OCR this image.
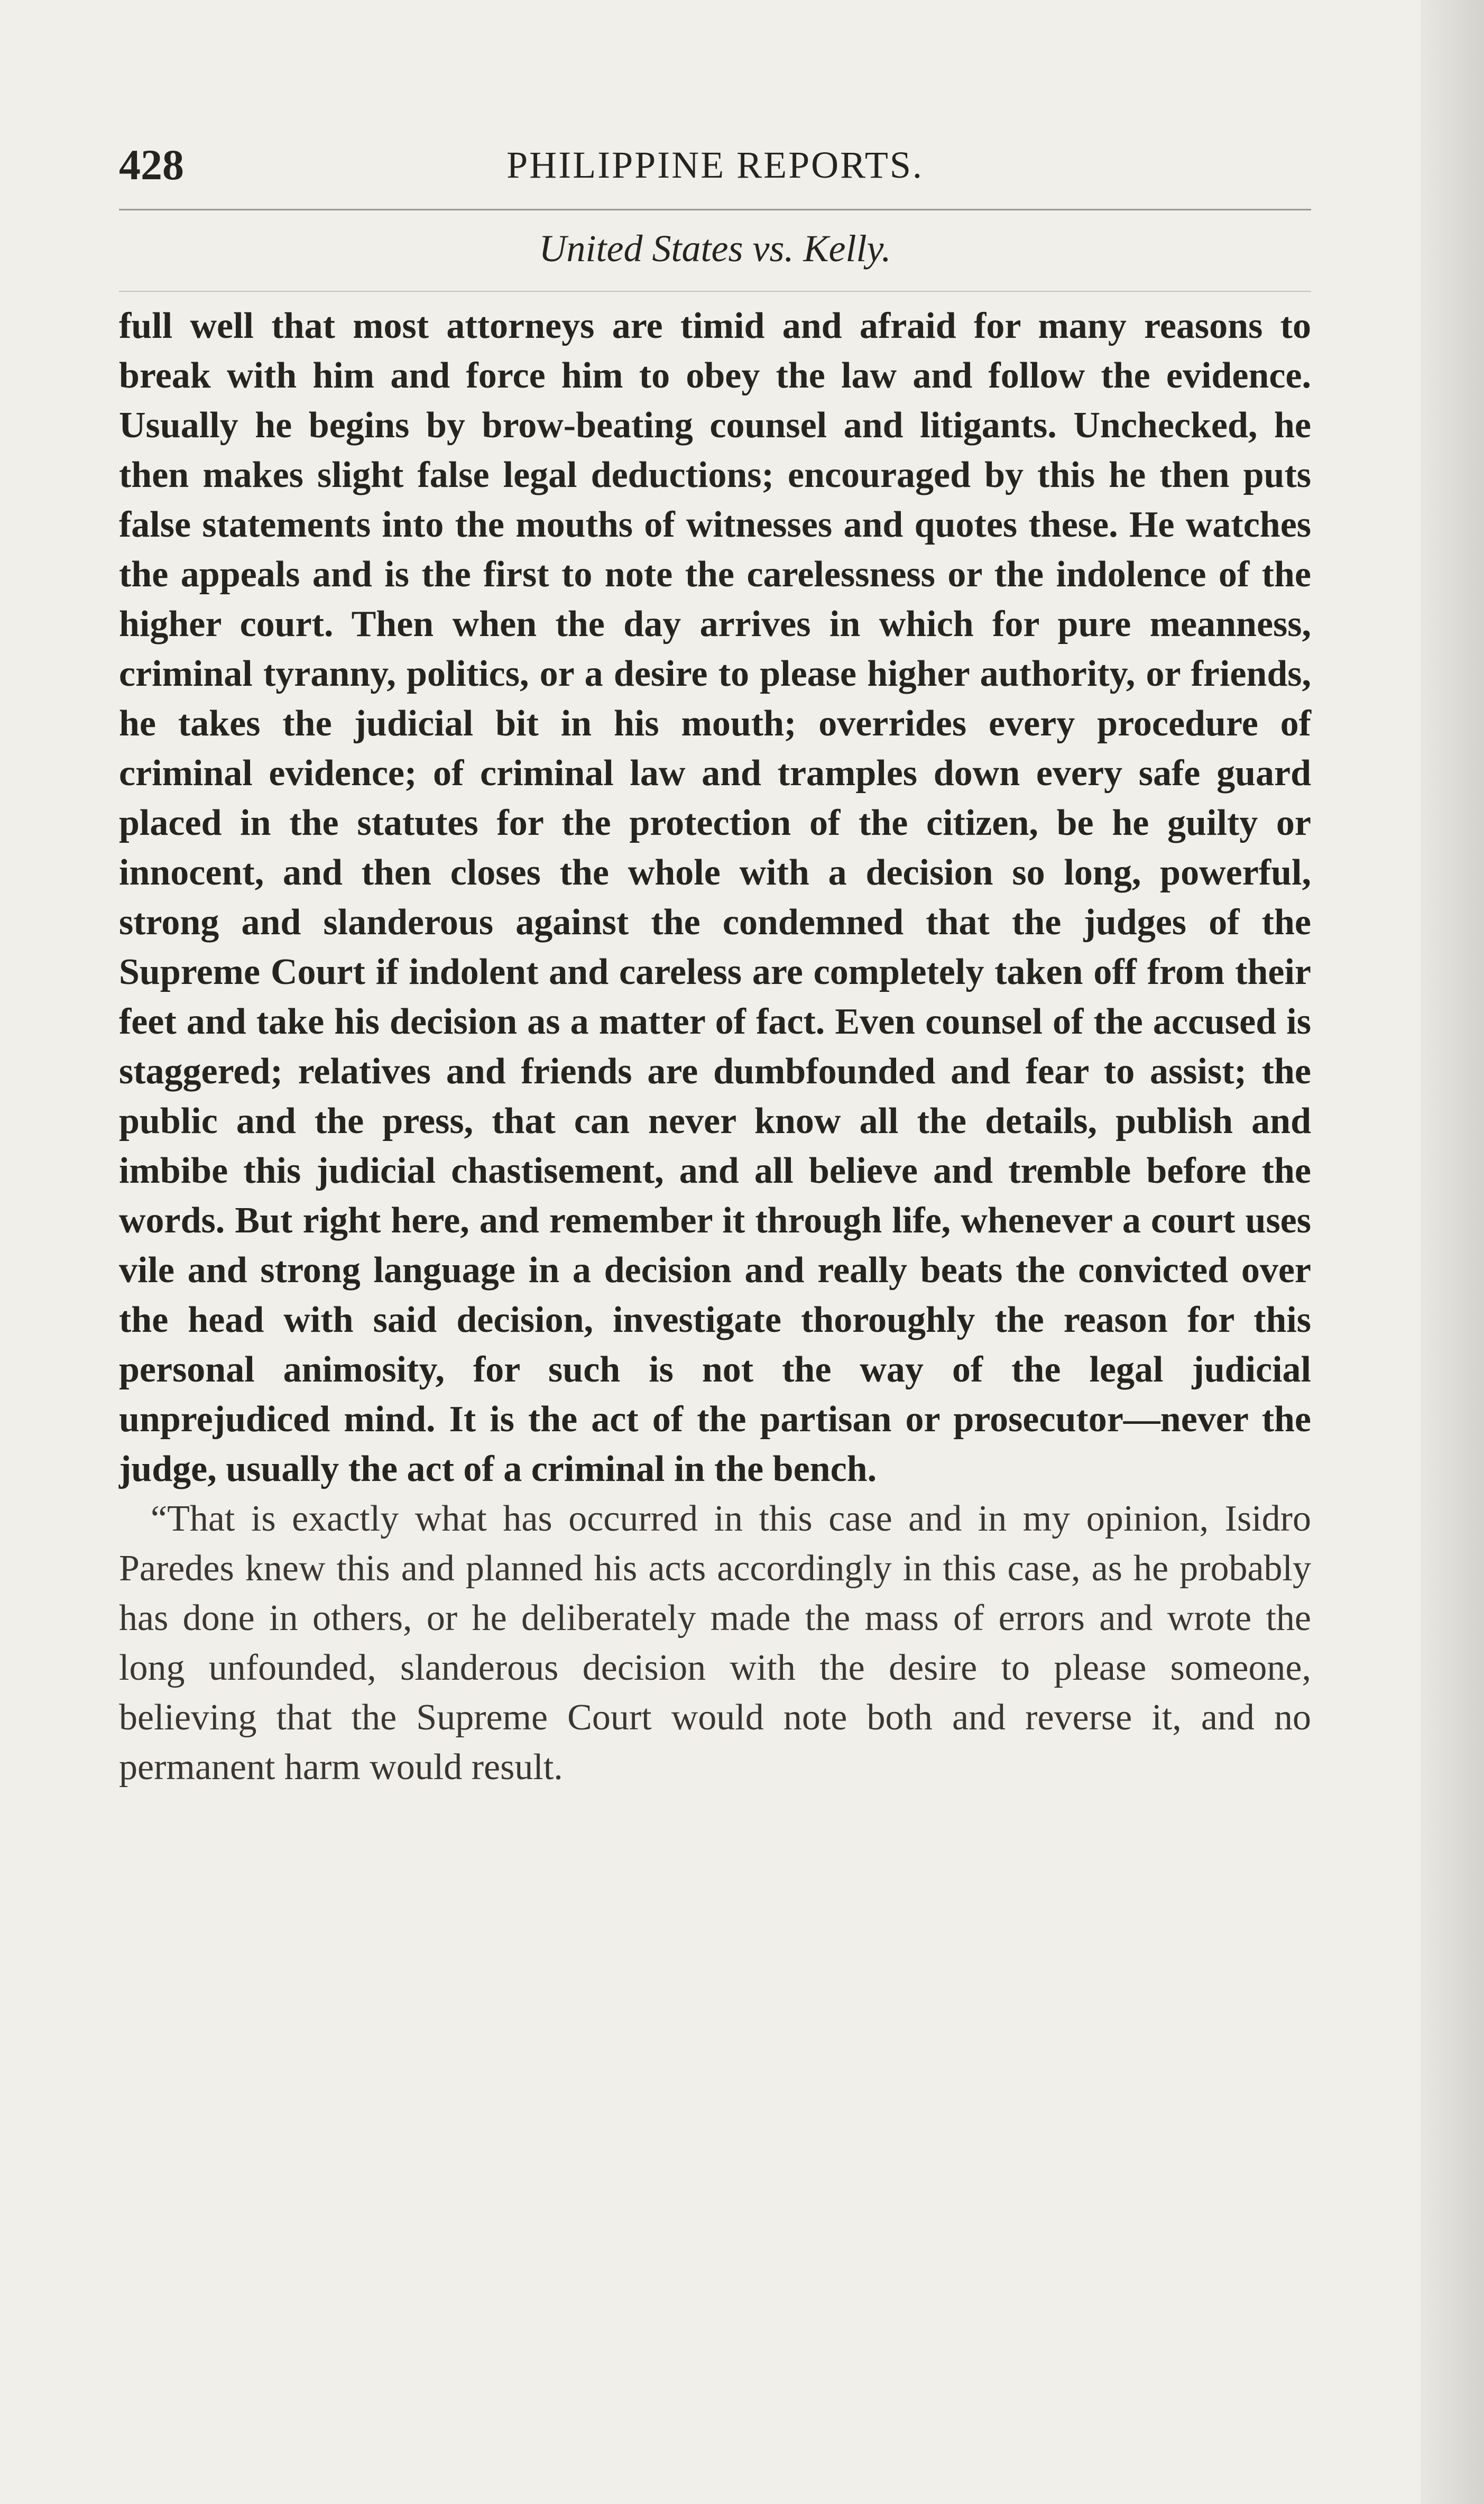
428	PHILIPPINE REPORTS.
United States vs. Kelly.

full well that most attorneys are timid and afraid for many reasons to break with him and force him to obey the law and follow the evidence. Usually he begins by brow-beating counsel and litigants. Unchecked, he then makes slight false legal deductions; encouraged by this he then puts false statements into the mouths of witnesses and quotes these. He watches the appeals and is the first to note the carelessness or the indolence of the higher court. Then when the day arrives in which for pure meanness, criminal tyranny, politics, or a desire to please higher authority, or friends, he takes the judicial bit in his mouth; overrides every procedure of criminal evidence; of criminal law and tramples down every safe guard placed in the statutes for the protection of the citizen, be he guilty or innocent, and then closes the whole with a decision so long, powerful, strong and slanderous against the condemned that the judges of the Supreme Court if indolent and careless are completely taken off from their feet and take his decision as a matter of fact. Even counsel of the accused is staggered; relatives and friends are dumbfounded and fear to assist; the public and the press, that can never know all the details, publish and imbibe this judicial chastisement, and all believe and tremble before the words. But right here, and remember it through life, whenever a court uses vile and strong language in a decision and really beats the convicted over the head with said decision, investigate thoroughly the reason for this personal animosity, for such is not the way of the legal judicial unprejudiced mind. It is the act of the partisan or prosecutor—never the judge, usually the act of a criminal in the bench.

“That is exactly what has occurred in this case and in my opinion, Isidro Paredes knew this and planned his acts accordingly in this case, as he probably has done in others, or he deliberately made the mass of errors and wrote the long unfounded, slanderous decision with the desire to please someone, believing that the Supreme Court would note both and reverse it, and no permanent harm would result.
